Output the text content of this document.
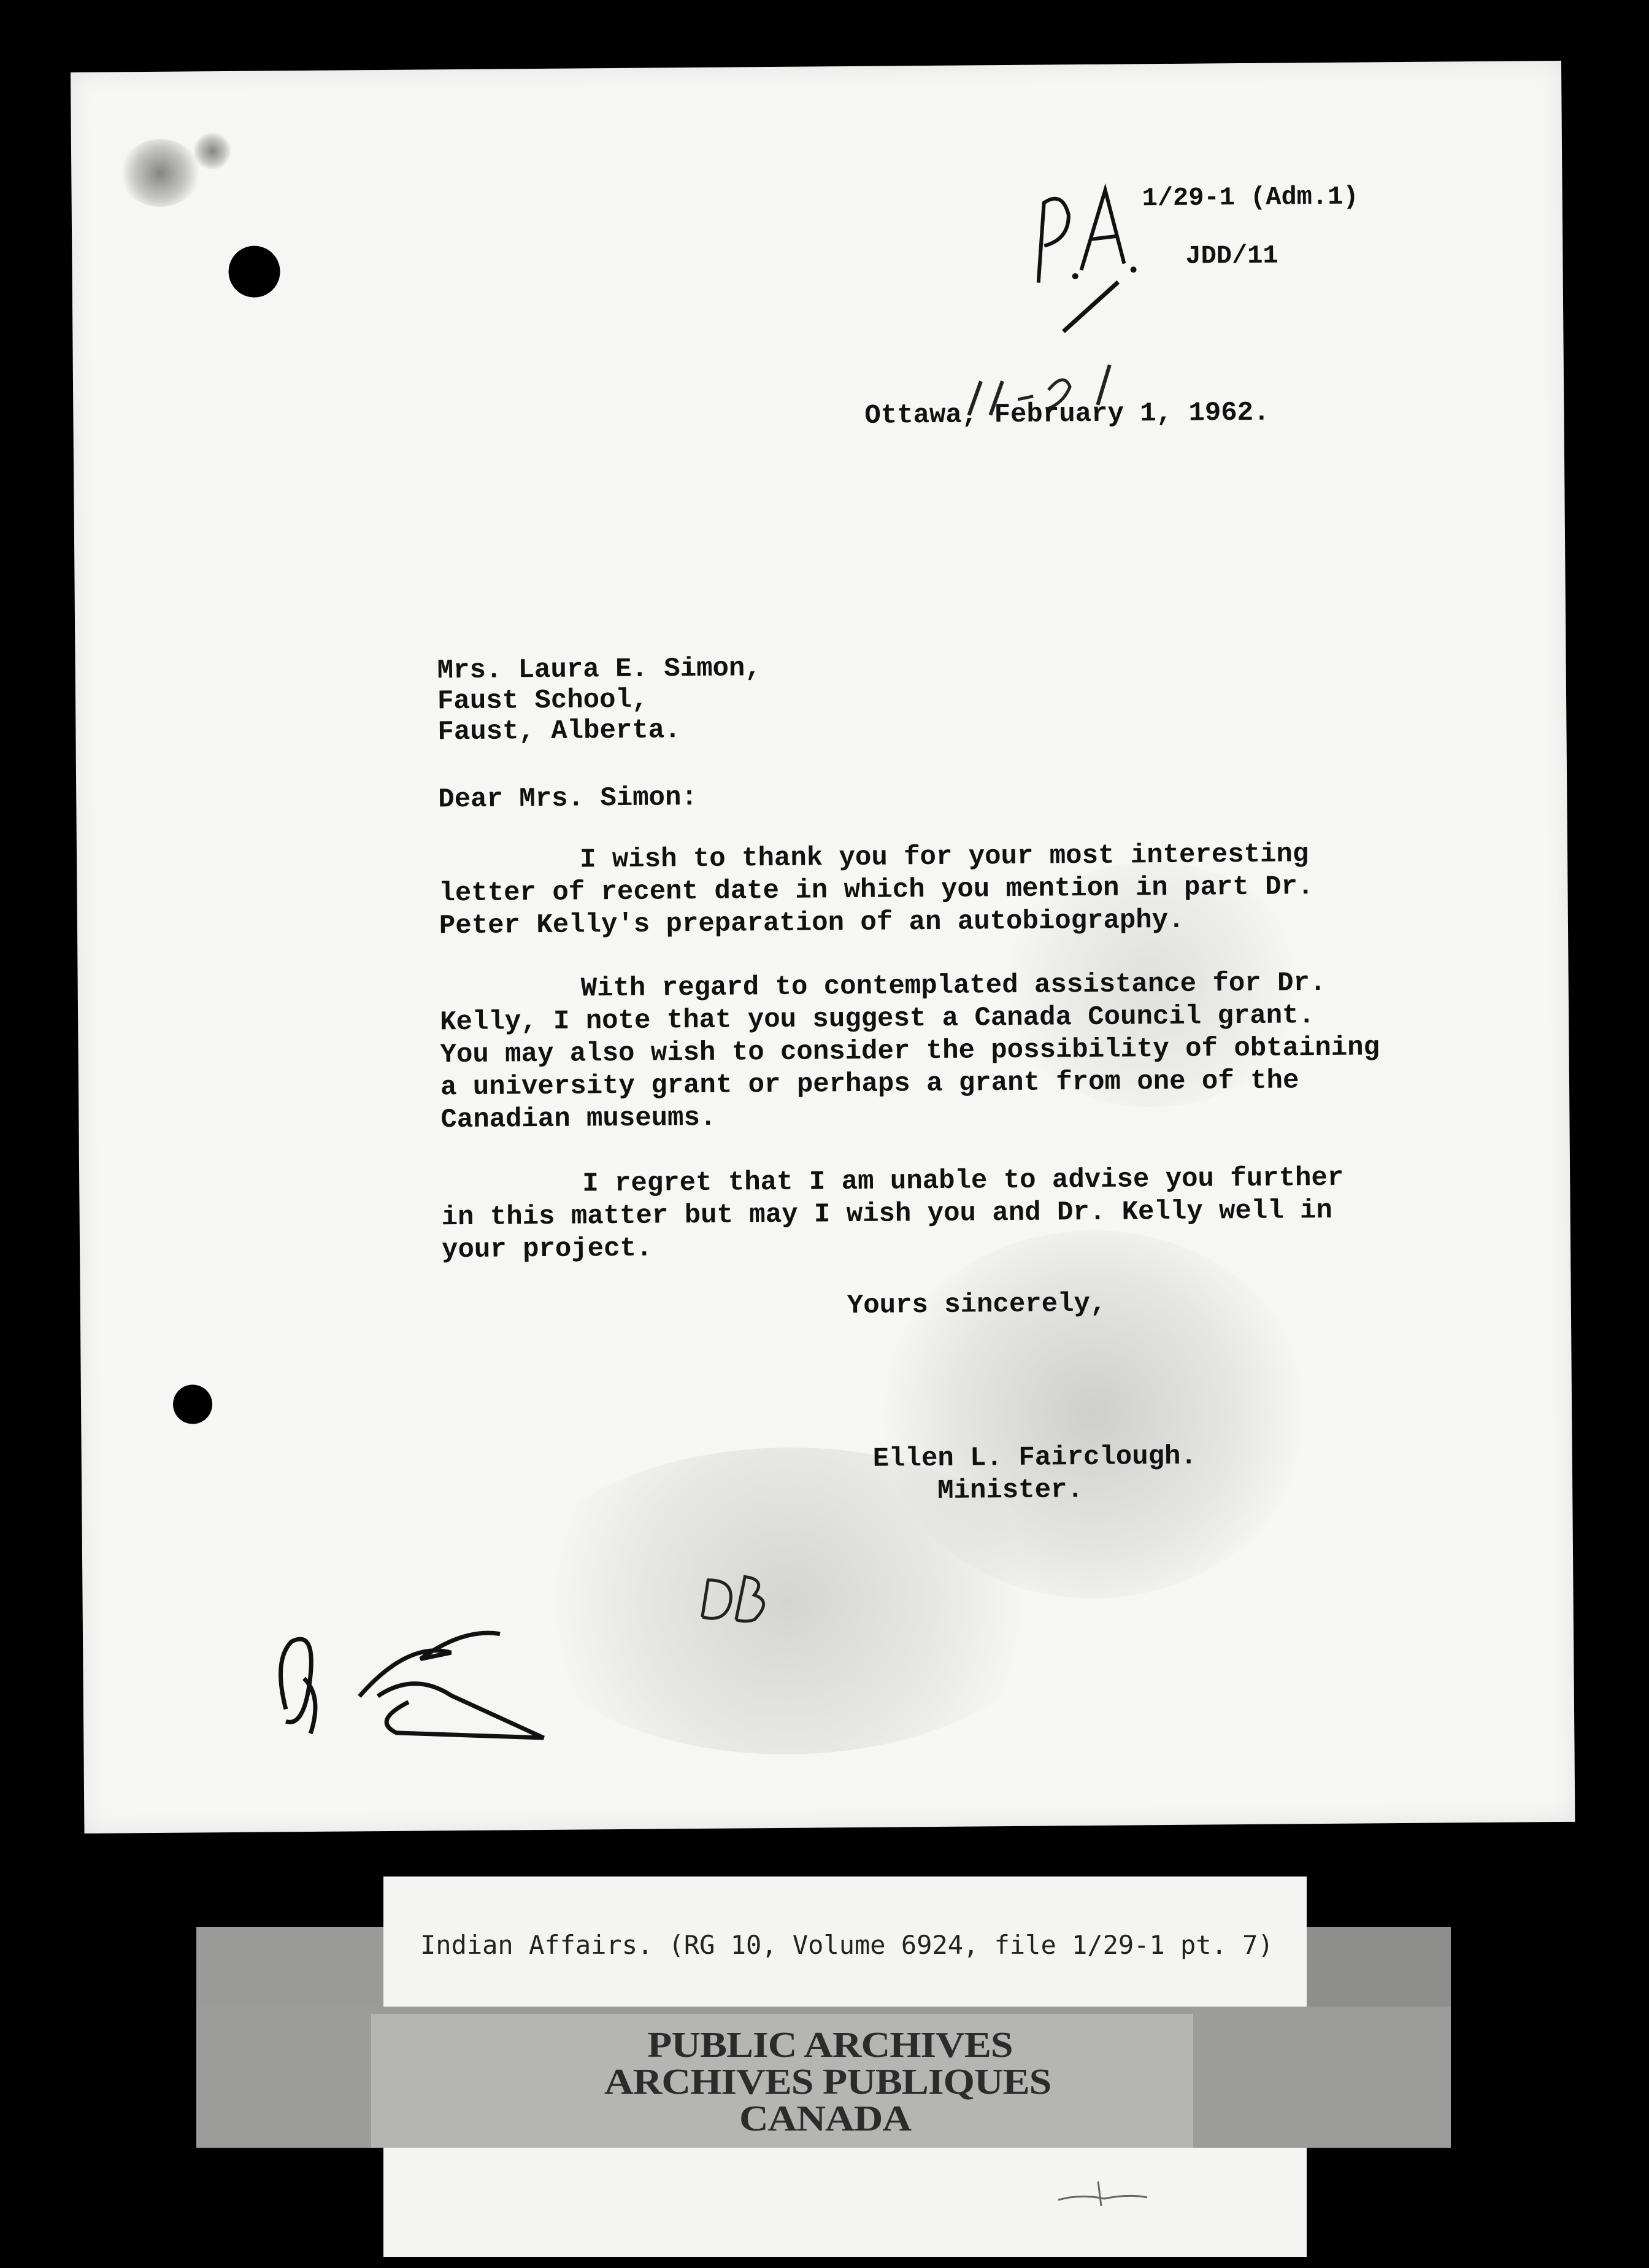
1/29-1 (Adm.1)
JDD/11
Ottawa, February 1, 1962.
Mrs. Laura E. Simon,
Faust School,
Faust, Alberta.
Dear Mrs. Simon:
I wish to thank you for your most interesting
letter of recent date in which you mention in part Dr.
Peter Kelly's preparation of an autobiography.
With regard to contemplated assistance for Dr.
Kelly, I note that you suggest a Canada Council grant.
You may also wish to consider the possibility of obtaining
a university grant or perhaps a grant from one of the
Canadian museums.
I regret that I am unable to advise you further
in this matter but may I wish you and Dr. Kelly well in
your project.
Yours sincerely,
Ellen L. Fairclough.
Minister.
Indian Affairs. (RG 10, Volume 6924, file 1/29-1 pt. 7)
PUBLIC ARCHIVES
ARCHIVES PUBLIQUES
CANADA
